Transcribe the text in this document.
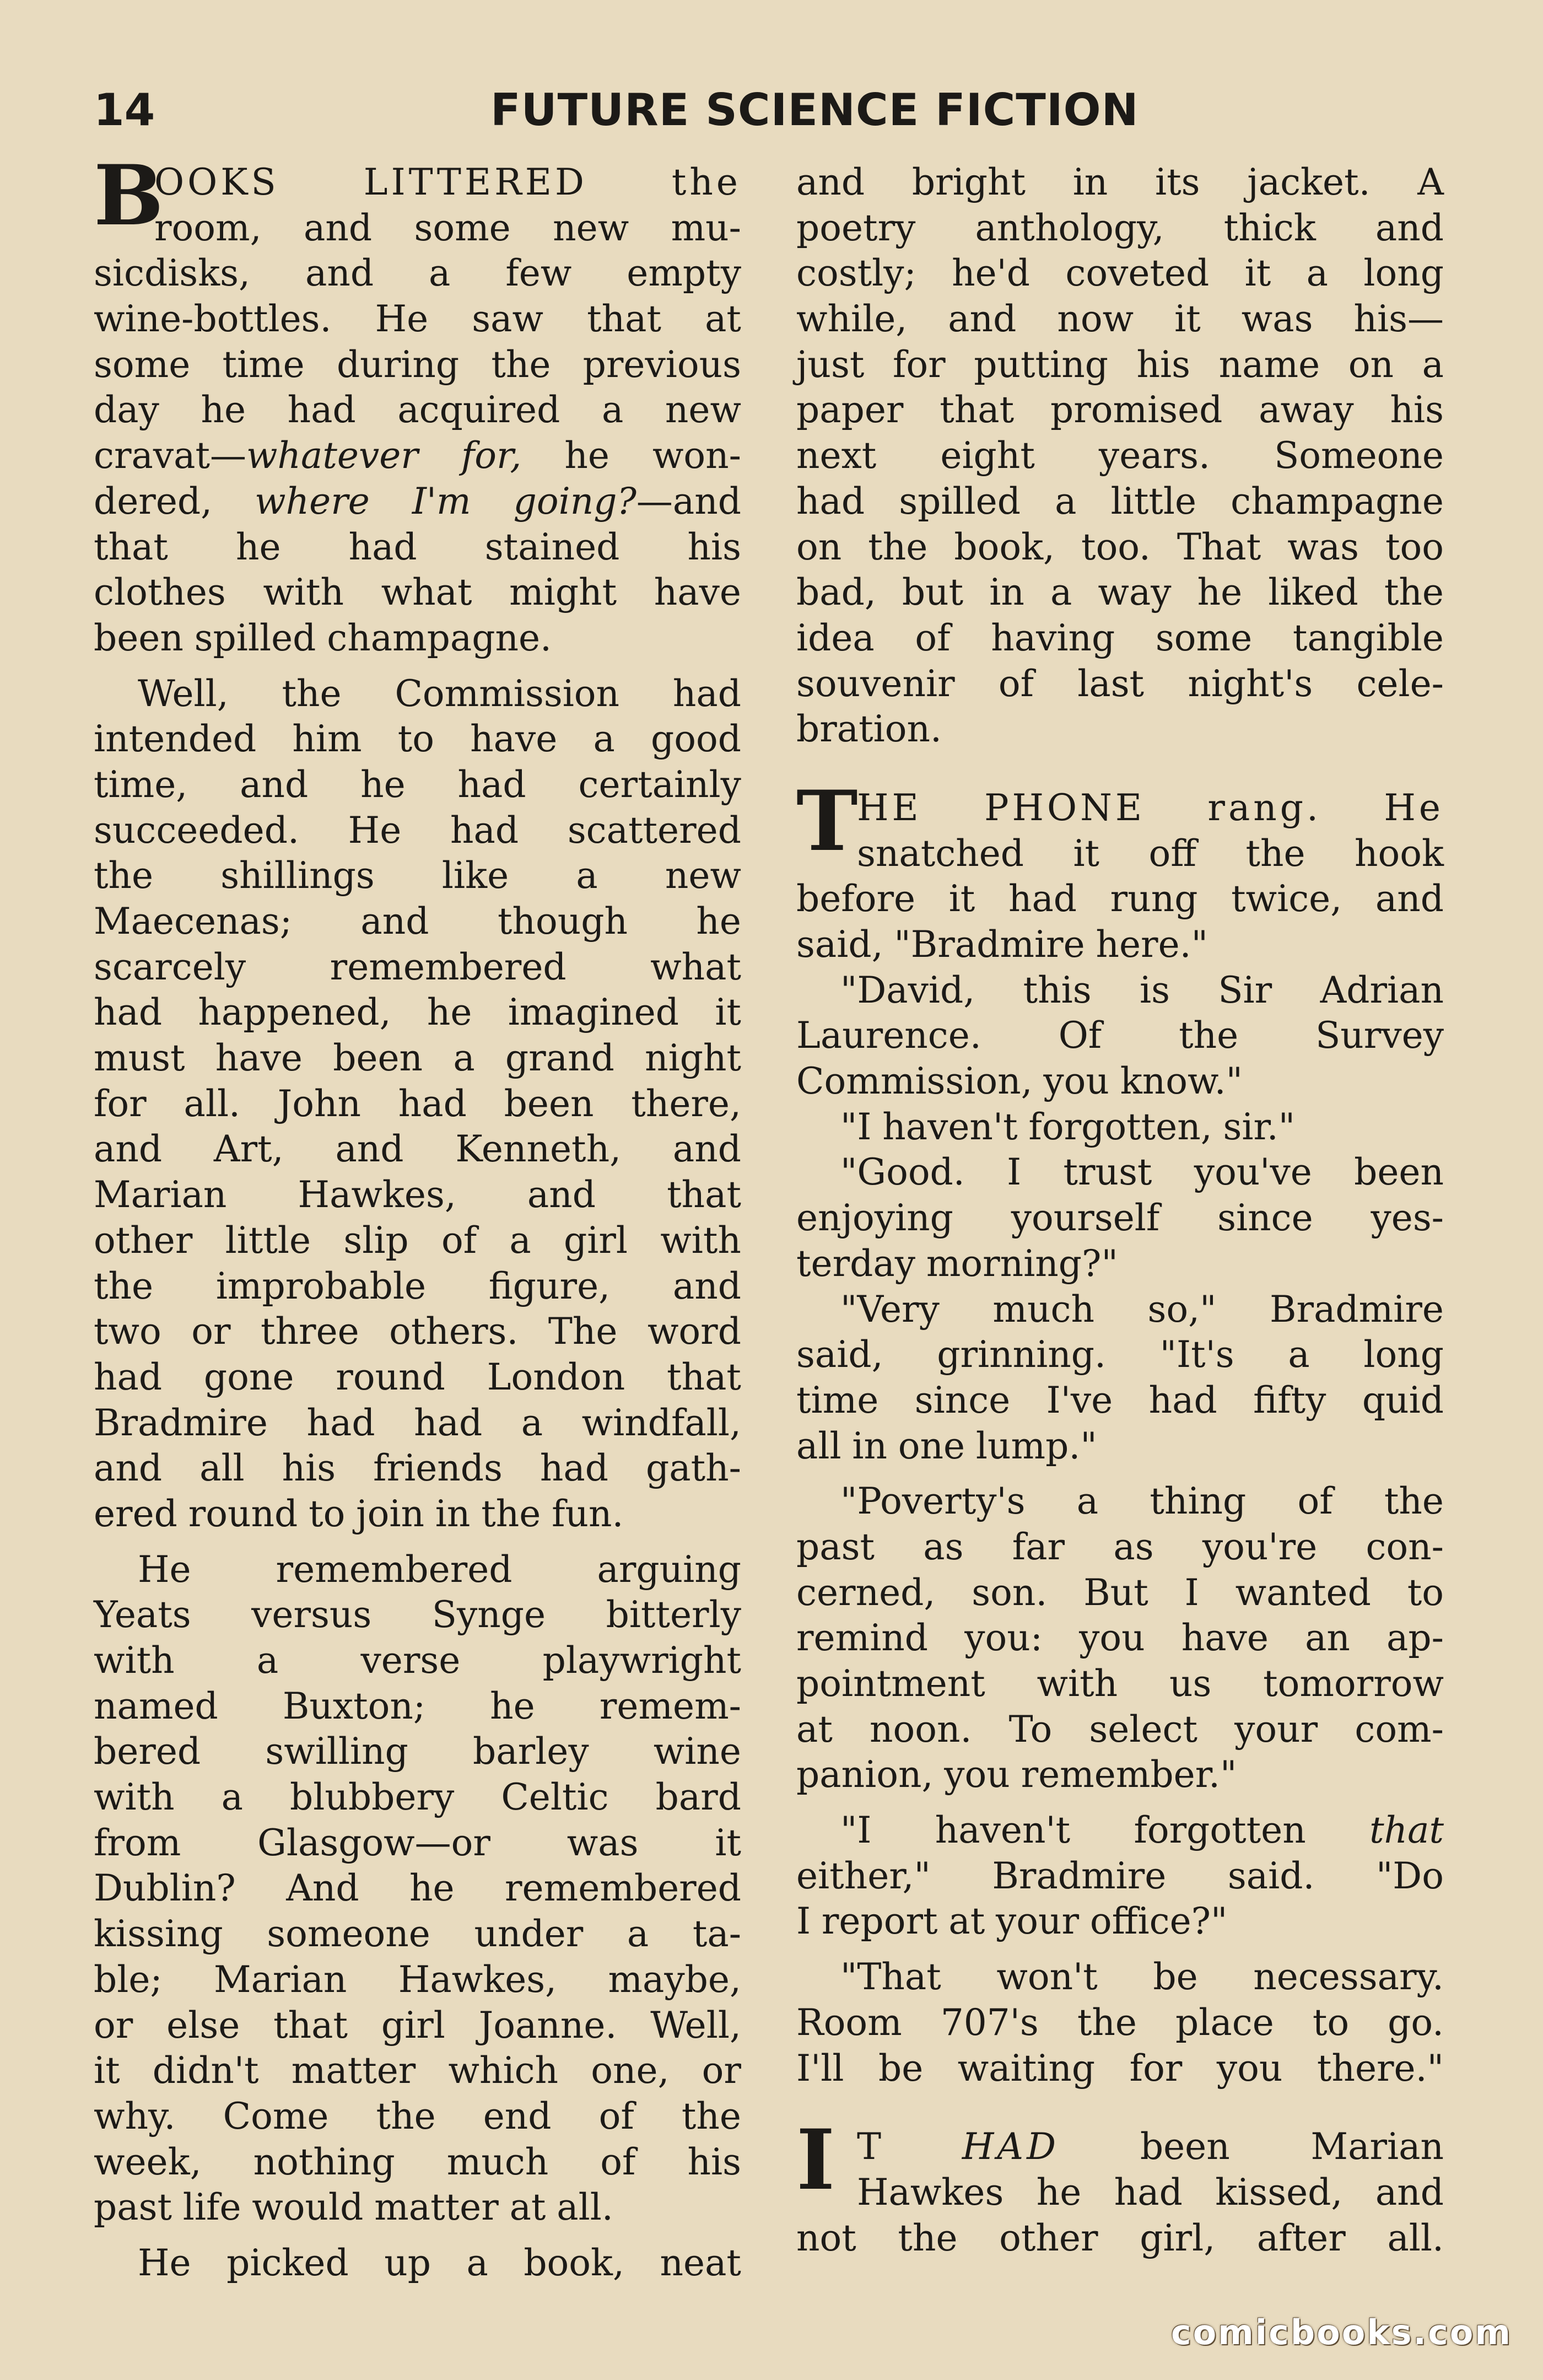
14	FUTURE SCIENCE FICTION
B
OOKS LITTERED the
room, and some new mu-
sicdisks, and a few empty
wine-bottles. He saw that at
some time during the previous
day he had acquired a new
cravat—whatever for, he won-
dered, where I'm going?—and
that he had stained his
clothes with what might have
been spilled champagne.
Well, the Commission had
intended him to have a good
time, and he had certainly
succeeded. He had scattered
the shillings like a new
Maecenas; and though he
scarcely remembered what
had happened, he imagined it
must have been a grand night
for all. John had been there,
and Art, and Kenneth, and
Marian Hawkes, and that
other little slip of a girl with
the improbable figure, and
two or three others. The word
had gone round London that
Bradmire had had a windfall,
and all his friends had gath-
ered round to join in the fun.
He remembered arguing
Yeats versus Synge bitterly
with a verse playwright
named Buxton; he remem-
bered swilling barley wine
with a blubbery Celtic bard
from Glasgow—or was it
Dublin? And he remembered
kissing someone under a ta-
ble; Marian Hawkes, maybe,
or else that girl Joanne. Well,
it didn't matter which one, or
why. Come the end of the
week, nothing much of his
past life would matter at all.
He picked up a book, neat
and bright in its jacket. A
poetry anthology, thick and
costly; he'd coveted it a long
while, and now it was his—
just for putting his name on a
paper that promised away his
next eight years. Someone
had spilled a little champagne
on the book, too. That was too
bad, but in a way he liked the
idea of having some tangible
souvenir of last night's cele-
bration.
T
HE PHONE rang. He
snatched it off the hook
before it had rung twice, and
said, "Bradmire here."
"David, this is Sir Adrian
Laurence. Of the Survey
Commission, you know."
"I haven't forgotten, sir."
"Good. I trust you've been
enjoying yourself since yes-
terday morning?"
"Very much so," Bradmire
said, grinning. "It's a long
time since I've had fifty quid
all in one lump."
"Poverty's a thing of the
past as far as you're con-
cerned, son. But I wanted to
remind you: you have an ap-
pointment with us tomorrow
at noon. To select your com-
panion, you remember."
"I haven't forgotten that
either," Bradmire said. "Do
I report at your office?"
"That won't be necessary.
Room 707's the place to go.
I'll be waiting for you there."
I T HAD been Marian
Hawkes he had kissed, and
not the other girl, after all.
comicbooks.com
